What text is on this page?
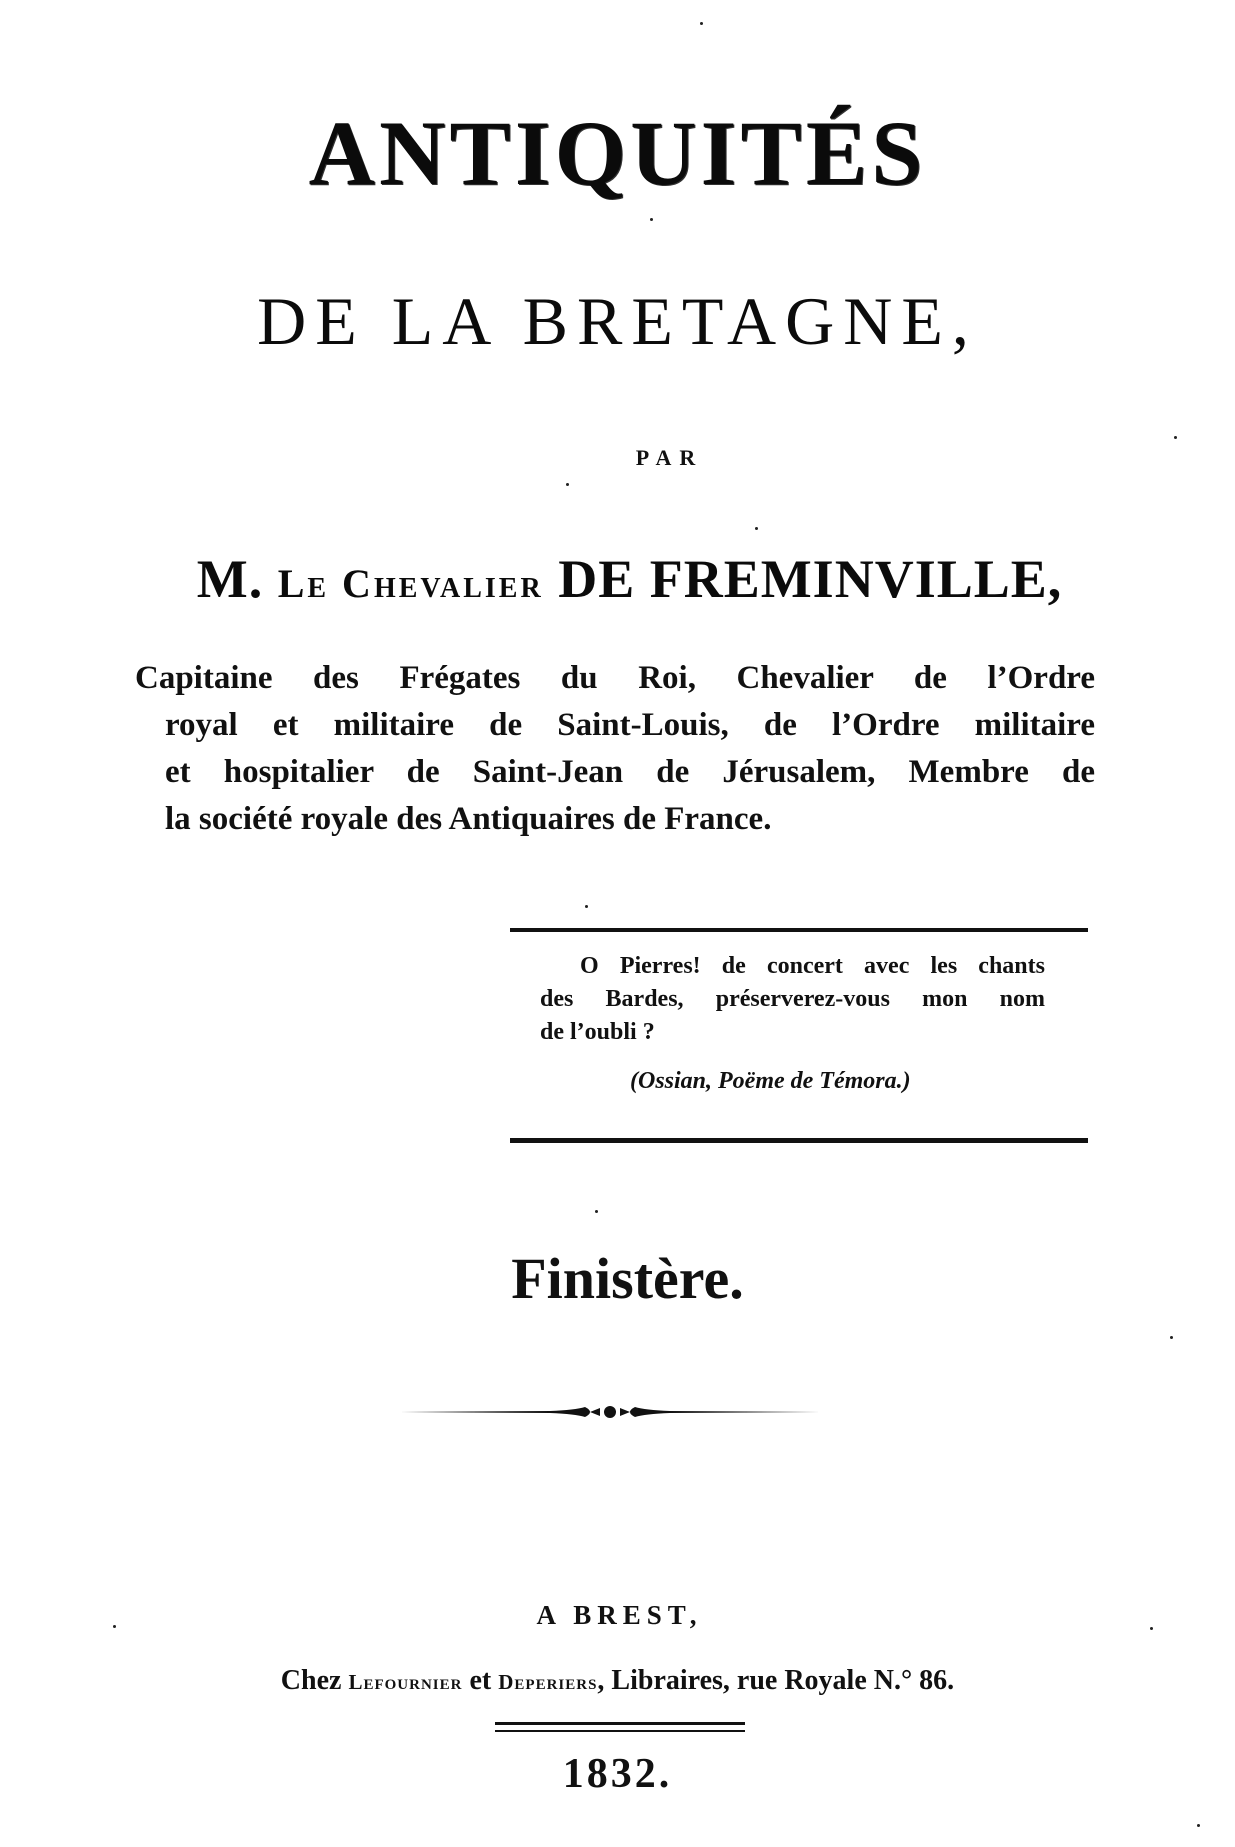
ANTIQUITÉS
DE LA BRETAGNE,
PAR
M. Le Chevalier DE FREMINVILLE,
Capitaine des Frégates du Roi, Chevalier de l’Ordre
royal et militaire de Saint-Louis, de l’Ordre militaire
et hospitalier de Saint-Jean de Jérusalem, Membre de
la société royale des Antiquaires de France.
O Pierres! de concert avec les chants
des Bardes, préserverez-vous mon nom
de l’oubli ?
(Ossian, Poëme de Témora.)
Finistère.
A BREST,
Chez Lefournier et Deperiers, Libraires, rue Royale N.° 86.
1832.
